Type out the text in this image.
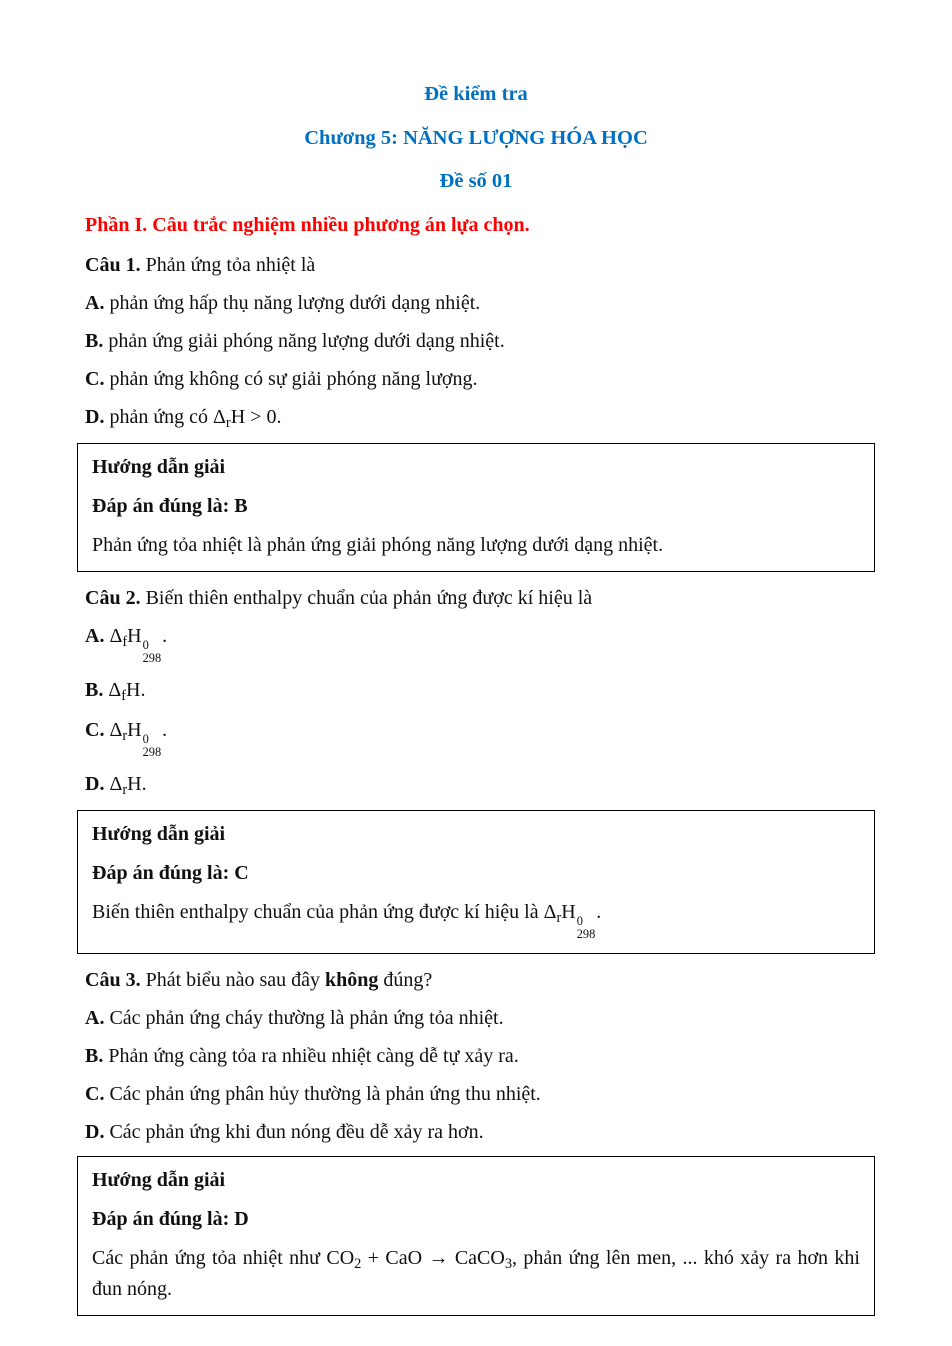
Đề kiểm tra

Chương 5: NĂNG LƯỢNG HÓA HỌC

Đề số 01

Phần I. Câu trắc nghiệm nhiều phương án lựa chọn.

Câu 1. Phản ứng tỏa nhiệt là

A. phản ứng hấp thụ năng lượng dưới dạng nhiệt.

B. phản ứng giải phóng năng lượng dưới dạng nhiệt.

C. phản ứng không có sự giải phóng năng lượng.

D. phản ứng có $\Delta_rH > 0$.

Hướng dẫn giải

Đáp án đúng là: B

Phản ứng tỏa nhiệt là phản ứng giải phóng năng lượng dưới dạng nhiệt.

Câu 2. Biến thiên enthalpy chuẩn của phản ứng được kí hiệu là

A. $\Delta_fH$ 0
298
.

B. $\Delta_fH$.

C. $\Delta_rH$ 0
298
.

D. $\Delta_rH$.

Hướng dẫn giải

Đáp án đúng là: C

Biến thiên enthalpy chuẩn của phản ứng được kí hiệu là $\Delta_rH$ 0
298
.

Câu 3. Phát biểu nào sau đây không đúng?

A. Các phản ứng cháy thường là phản ứng tỏa nhiệt.

B. Phản ứng càng tỏa ra nhiều nhiệt càng dễ tự xảy ra.

C. Các phản ứng phân hủy thường là phản ứng thu nhiệt.

D. Các phản ứng khi đun nóng đều dễ xảy ra hơn.

Hướng dẫn giải

Đáp án đúng là: D

Các phản ứng tỏa nhiệt như $CO_2$ + CaO → CaCO$_3$, phản ứng lên men, ... khó xảy ra hơn khi đun nóng.
